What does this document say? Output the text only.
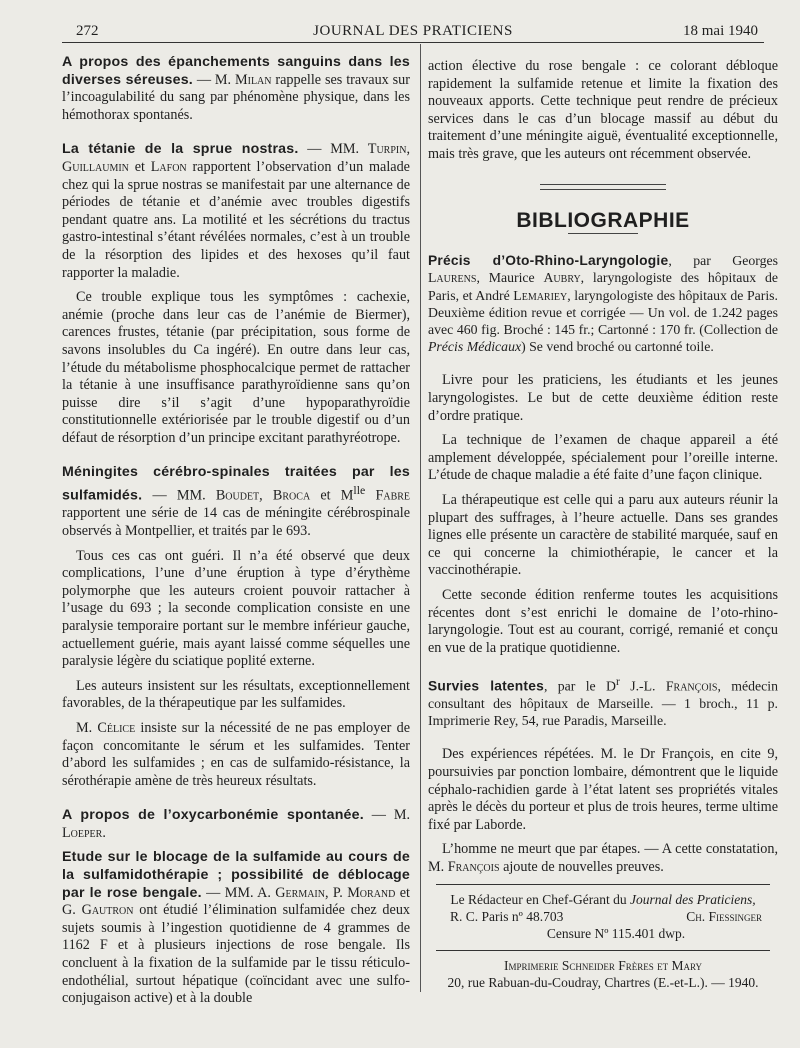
272	JOURNAL DES PRATICIENS	18 mai 1940

A propos des épanchements sanguins dans les diverses séreuses. — M. Milan rappelle ses travaux sur l’incoagulabilité du sang par phénomène physique, dans les hémothorax spontanés.

La tétanie de la sprue nostras. — MM. Turpin, Guillaumin et Lafon rapportent l’observation d’un malade chez qui la sprue nostras se manifestait par une alternance de périodes de tétanie et d’anémie avec troubles digestifs pendant quatre ans. La motilité et les sécrétions du tractus gastro-intestinal s’étant révélées normales, c’est à un trouble de la résorption des lipides et des hexoses qu’il faut rapporter la maladie.

Ce trouble explique tous les symptômes : cachexie, anémie (proche dans leur cas de l’anémie de Biermer), carences frustes, tétanie (par précipitation, sous forme de savons insolubles du Ca ingéré). En outre dans leur cas, l’étude du métabolisme phosphocalcique permet de rattacher la tétanie à une insuffisance parathyroïdienne sans qu’on puisse dire s’il s’agit d’une hypoparathyroïdie constitutionnelle extériorisée par le trouble digestif ou d’un défaut de résorption d’un principe excitant parathyréotrope.

Méningites cérébro-spinales traitées par les sulfamidés. — MM. Boudet, Broca et $M^{lle}$ Fabre rapportent une série de 14 cas de méningite cérébrospinale observés à Montpellier, et traités par le 693.

Tous ces cas ont guéri. Il n’a été observé que deux complications, l’une d’une éruption à type d’érythème polymorphe que les auteurs croient pouvoir rattacher à l’usage du 693 ; la seconde complication consiste en une paralysie temporaire portant sur le membre inférieur gauche, actuellement guérie, mais ayant laissé comme séquelles une paralysie légère du sciatique poplité externe.

Les auteurs insistent sur les résultats, exceptionnellement favorables, de la thérapeutique par les sulfamides.

M. Célice insiste sur la nécessité de ne pas employer de façon concomitante le sérum et les sulfamides. Tenter d’abord les sulfamides ; en cas de sulfamido-résistance, la sérothérapie amène de très heureux résultats.

A propos de l’oxycarbonémie spontanée. — M. Loeper.

Etude sur le blocage de la sulfamide au cours de la sulfamidothérapie ; possibilité de déblocage par le rose bengale. — MM. A. Germain, P. Morand et G. Gautron ont étudié l’élimination sulfamidée chez deux sujets soumis à l’ingestion quotidienne de 4 grammes de 1162 F et à plusieurs injections de rose bengale. Ils concluent à la fixation de la sulfamide par le tissu réticulo-endothélial, surtout hépatique (coïncidant avec une sulfo-conjugaison active) et à la double

action élective du rose bengale : ce colorant débloque rapidement la sulfamide retenue et limite la fixation des nouveaux apports. Cette technique peut rendre de précieux services dans le cas d’un blocage massif au début du traitement d’une méningite aiguë, éventualité exceptionnelle, mais très grave, que les auteurs ont récemment observée.

BIBLIOGRAPHIE

Précis d’Oto-Rhino-Laryngologie, par Georges Laurens, Maurice Aubry, laryngologiste des hôpitaux de Paris, et André Lemariey, laryngologiste des hôpitaux de Paris. Deuxième édition revue et corrigée — Un vol. de 1.242 pages avec 460 fig. Broché : 145 fr.; Cartonné : 170 fr. (Collection de Précis Médicaux) Se vend broché ou cartonné toile.

Livre pour les praticiens, les étudiants et les jeunes laryngologistes. Le but de cette deuxième édition reste d’ordre pratique.

La technique de l’examen de chaque appareil a été amplement développée, spécialement pour l’oreille interne. L’étude de chaque maladie a été faite d’une façon clinique.

La thérapeutique est celle qui a paru aux auteurs réunir la plupart des suffrages, à l’heure actuelle. Dans ses grandes lignes elle présente un caractère de stabilité marquée, sauf en ce qui concerne la chimiothérapie, le cancer et la vaccinothérapie.

Cette seconde édition renferme toutes les acquisitions récentes dont s’est enrichi le domaine de l’oto-rhino-laryngologie. Tout est au courant, corrigé, remanié et conçu en vue de la pratique quotidienne.

Survies latentes, par le $D^r$ J.-L. François, médecin consultant des hôpitaux de Marseille. — 1 broch., 11 p. Imprimerie Rey, 54, rue Paradis, Marseille.

Des expériences répétées. M. le Dr François, en cite 9, poursuivies par ponction lombaire, démontrent que le liquide céphalo-rachidien garde à l’état latent ses propriétés vitales après le décès du porteur et plus de trois heures, terme ultime fixé par Laborde.

L’homme ne meurt que par étapes. — A cette constatation, M. François ajoute de nouvelles preuves.

Le Rédacteur en Chef-Gérant du Journal des Praticiens,
R. C. Paris nº 48.703	Ch. Fiessinger
Censure Nº 115.401 dwp.
Imprimerie Schneider Frères et Mary
20, rue Rabuan-du-Coudray, Chartres (E.-et-L.). — 1940.
